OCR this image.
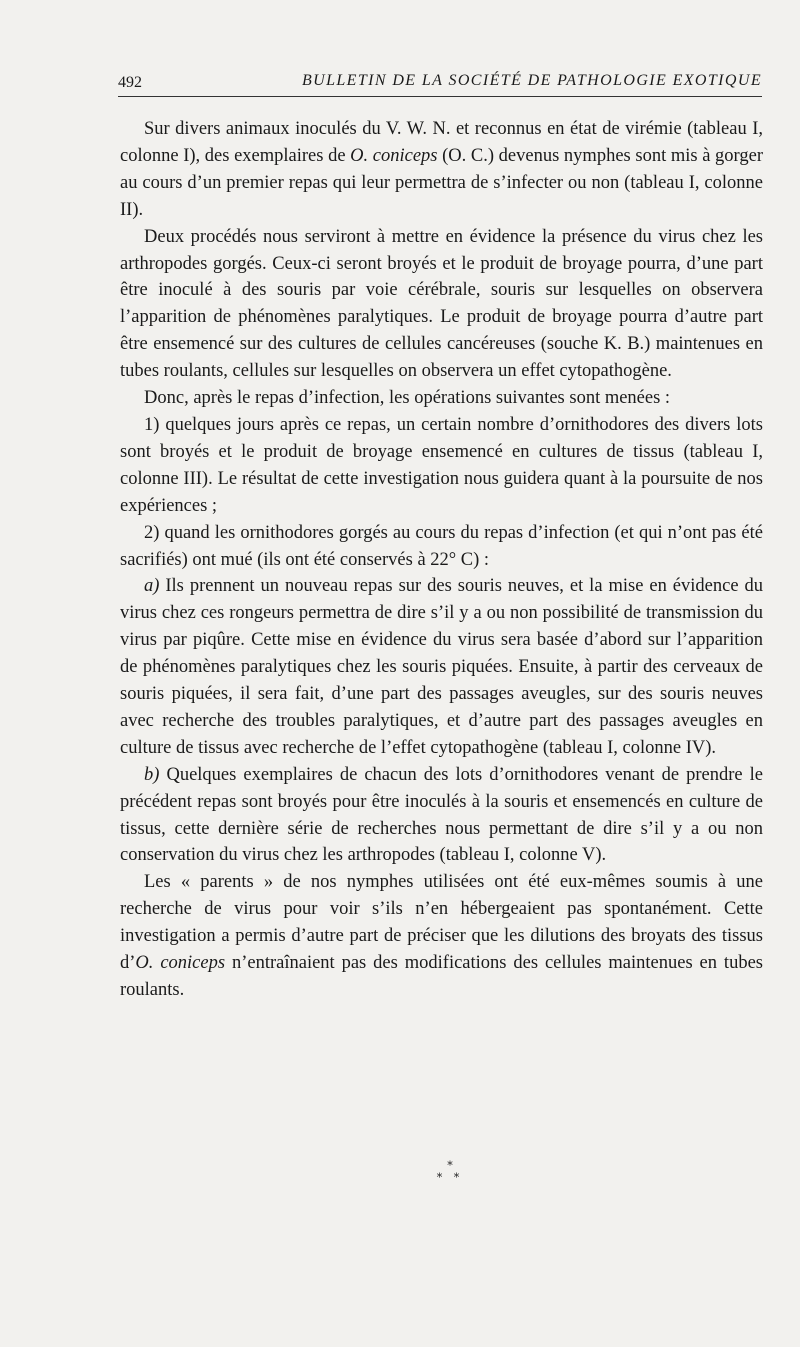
492	BULLETIN DE LA SOCIÉTÉ DE PATHOLOGIE EXOTIQUE

Sur divers animaux inoculés du V. W. N. et reconnus en état de virémie (tableau I, colonne I), des exemplaires de O. coniceps (O. C.) devenus nymphes sont mis à gorger au cours d’un premier repas qui leur permettra de s’infecter ou non (tableau I, colonne II).

Deux procédés nous serviront à mettre en évidence la présence du virus chez les arthropodes gorgés. Ceux-ci seront broyés et le produit de broyage pourra, d’une part être inoculé à des souris par voie cérébrale, souris sur lesquelles on observera l’apparition de phénomènes paralytiques. Le produit de broyage pourra d’autre part être ensemencé sur des cultures de cellules cancéreuses (souche K. B.) maintenues en tubes roulants, cellules sur lesquelles on observera un effet cytopathogène.

Donc, après le repas d’infection, les opérations suivantes sont menées :

1) quelques jours après ce repas, un certain nombre d’ornithodores des divers lots sont broyés et le produit de broyage ensemencé en cultures de tissus (tableau I, colonne III). Le résultat de cette investigation nous guidera quant à la poursuite de nos expériences ;

2) quand les ornithodores gorgés au cours du repas d’infection (et qui n’ont pas été sacrifiés) ont mué (ils ont été conservés à 22° C) :

a) Ils prennent un nouveau repas sur des souris neuves, et la mise en évidence du virus chez ces rongeurs permettra de dire s’il y a ou non possibilité de transmission du virus par piqûre. Cette mise en évidence du virus sera basée d’abord sur l’apparition de phénomènes paralytiques chez les souris piquées. Ensuite, à partir des cerveaux de souris piquées, il sera fait, d’une part des passages aveugles, sur des souris neuves avec recherche des troubles paralytiques, et d’autre part des passages aveugles en culture de tissus avec recherche de l’effet cytopathogène (tableau I, colonne IV).

b) Quelques exemplaires de chacun des lots d’ornithodores venant de prendre le précédent repas sont broyés pour être inoculés à la souris et ensemencés en culture de tissus, cette dernière série de recherches nous permettant de dire s’il y a ou non conservation du virus chez les arthropodes (tableau I, colonne V).

Les « parents » de nos nymphes utilisées ont été eux-mêmes soumis à une recherche de virus pour voir s’ils n’en hébergeaient pas spontanément. Cette investigation a permis d’autre part de préciser que les dilutions des broyats des tissus d’O. coniceps n’entraînaient pas des modifications des cellules maintenues en tubes roulants.

*
* *
